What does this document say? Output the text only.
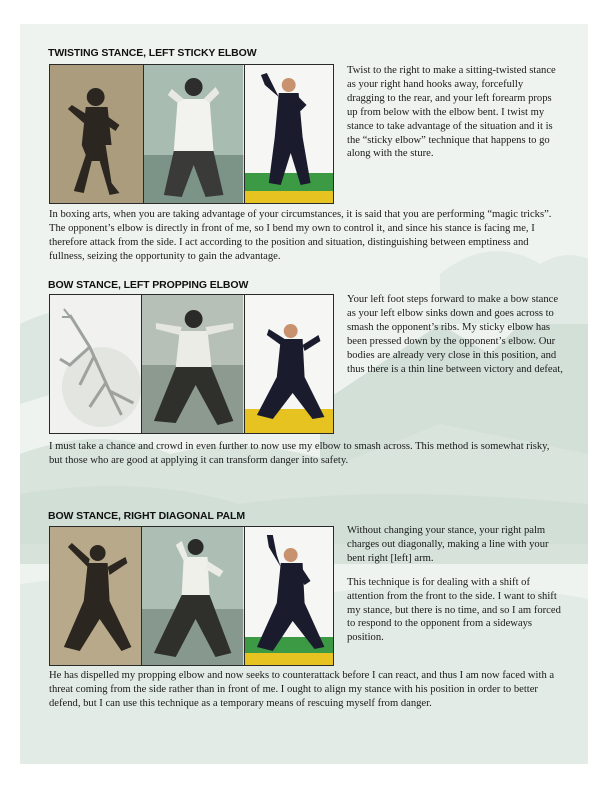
TWISTING STANCE, LEFT STICKY ELBOW

Twist to the right to make a sitting-twisted stance as your right hand hooks away, forcefully dragging to the rear, and your left forearm props up from below with the elbow bent. I twist my stance to take advantage of the situation and it is the “sticky elbow” technique that happens to go along with the sture.

In boxing arts, when you are taking advantage of your circumstances, it is said that you are performing “magic tricks”. The opponent’s elbow is directly in front of me, so I bend my own to control it, and since his stance is facing me, I therefore attack from the side. I act according to the position and situation, distinguishing between emptiness and fullness, seizing the opportunity to gain the advantage.
BOW STANCE, LEFT PROPPING ELBOW

Your left foot steps forward to make a bow stance as your left elbow sinks down and goes across to smash the opponent’s ribs. My sticky elbow has been pressed down by the opponent’s elbow. Our bodies are already very close in this position, and thus there is a thin line between victory and defeat,

I must take a chance and crowd in even further to now use my elbow to smash across. This method is somewhat risky, but those who are good at applying it can transform danger into safety.
BOW STANCE, RIGHT DIAGONAL PALM

Without changing your stance, your right palm charges out diagonally, making a line with your bent right [left] arm.

This technique is for dealing with a shift of attention from the front to the side. I want to shift my stance, but there is no time, and so I am forced to respond to the opponent from a sideways position.

He has dispelled my propping elbow and now seeks to counterattack before I can react, and thus I am now faced with a threat coming from the side rather than in front of me. I ought to align my stance with his position in order to better defend, but I can use this technique as a temporary means of rescuing myself from danger.
